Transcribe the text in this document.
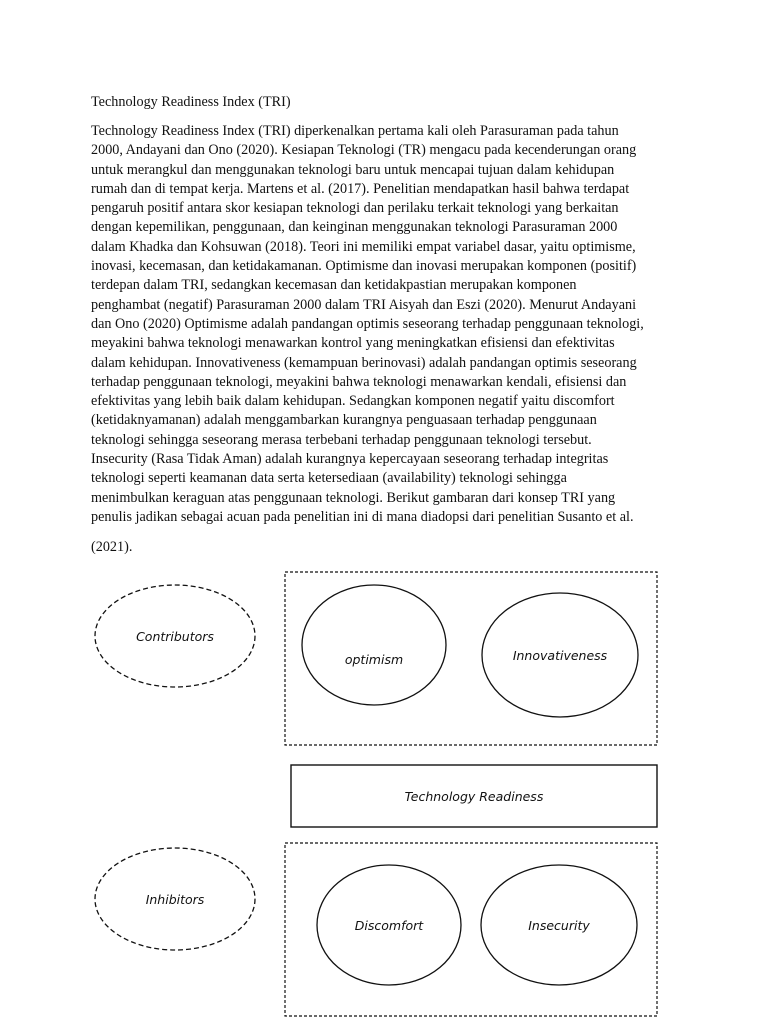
Technology Readiness Index (TRI)
Technology Readiness Index (TRI) diperkenalkan pertama kali oleh Parasuraman pada tahun
2000, Andayani dan Ono (2020). Kesiapan Teknologi (TR) mengacu pada kecenderungan orang
untuk merangkul dan menggunakan teknologi baru untuk mencapai tujuan dalam kehidupan
rumah dan di tempat kerja. Martens et al. (2017). Penelitian mendapatkan hasil bahwa terdapat
pengaruh positif antara skor kesiapan teknologi dan perilaku terkait teknologi yang berkaitan
dengan kepemilikan, penggunaan, dan keinginan menggunakan teknologi Parasuraman 2000
dalam Khadka dan Kohsuwan (2018). Teori ini memiliki empat variabel dasar, yaitu optimisme,
inovasi, kecemasan, dan ketidakamanan. Optimisme dan inovasi merupakan komponen (positif)
terdepan dalam TRI, sedangkan kecemasan dan ketidakpastian merupakan komponen
penghambat (negatif) Parasuraman 2000 dalam TRI Aisyah dan Eszi (2020). Menurut Andayani
dan Ono (2020) Optimisme adalah pandangan optimis seseorang terhadap penggunaan teknologi,
meyakini bahwa teknologi menawarkan kontrol yang meningkatkan efisiensi dan efektivitas
dalam kehidupan. Innovativeness (kemampuan berinovasi) adalah pandangan optimis seseorang
terhadap penggunaan teknologi, meyakini bahwa teknologi menawarkan kendali, efisiensi dan
efektivitas yang lebih baik dalam kehidupan. Sedangkan komponen negatif yaitu discomfort
(ketidaknyamanan) adalah menggambarkan kurangnya penguasaan terhadap penggunaan
teknologi sehingga seseorang merasa terbebani terhadap penggunaan teknologi tersebut.
Insecurity (Rasa Tidak Aman) adalah kurangnya kepercayaan seseorang terhadap integritas
teknologi seperti keamanan data serta ketersediaan (availability) teknologi sehingga
menimbulkan keraguan atas penggunaan teknologi. Berikut gambaran dari konsep TRI yang
penulis jadikan sebagai acuan pada penelitian ini di mana diadopsi dari penelitian Susanto et al.
(2021).
Contributors
optimism	Innovativeness
Technology Readiness
Inhibitors
Discomfort	Insecurity
